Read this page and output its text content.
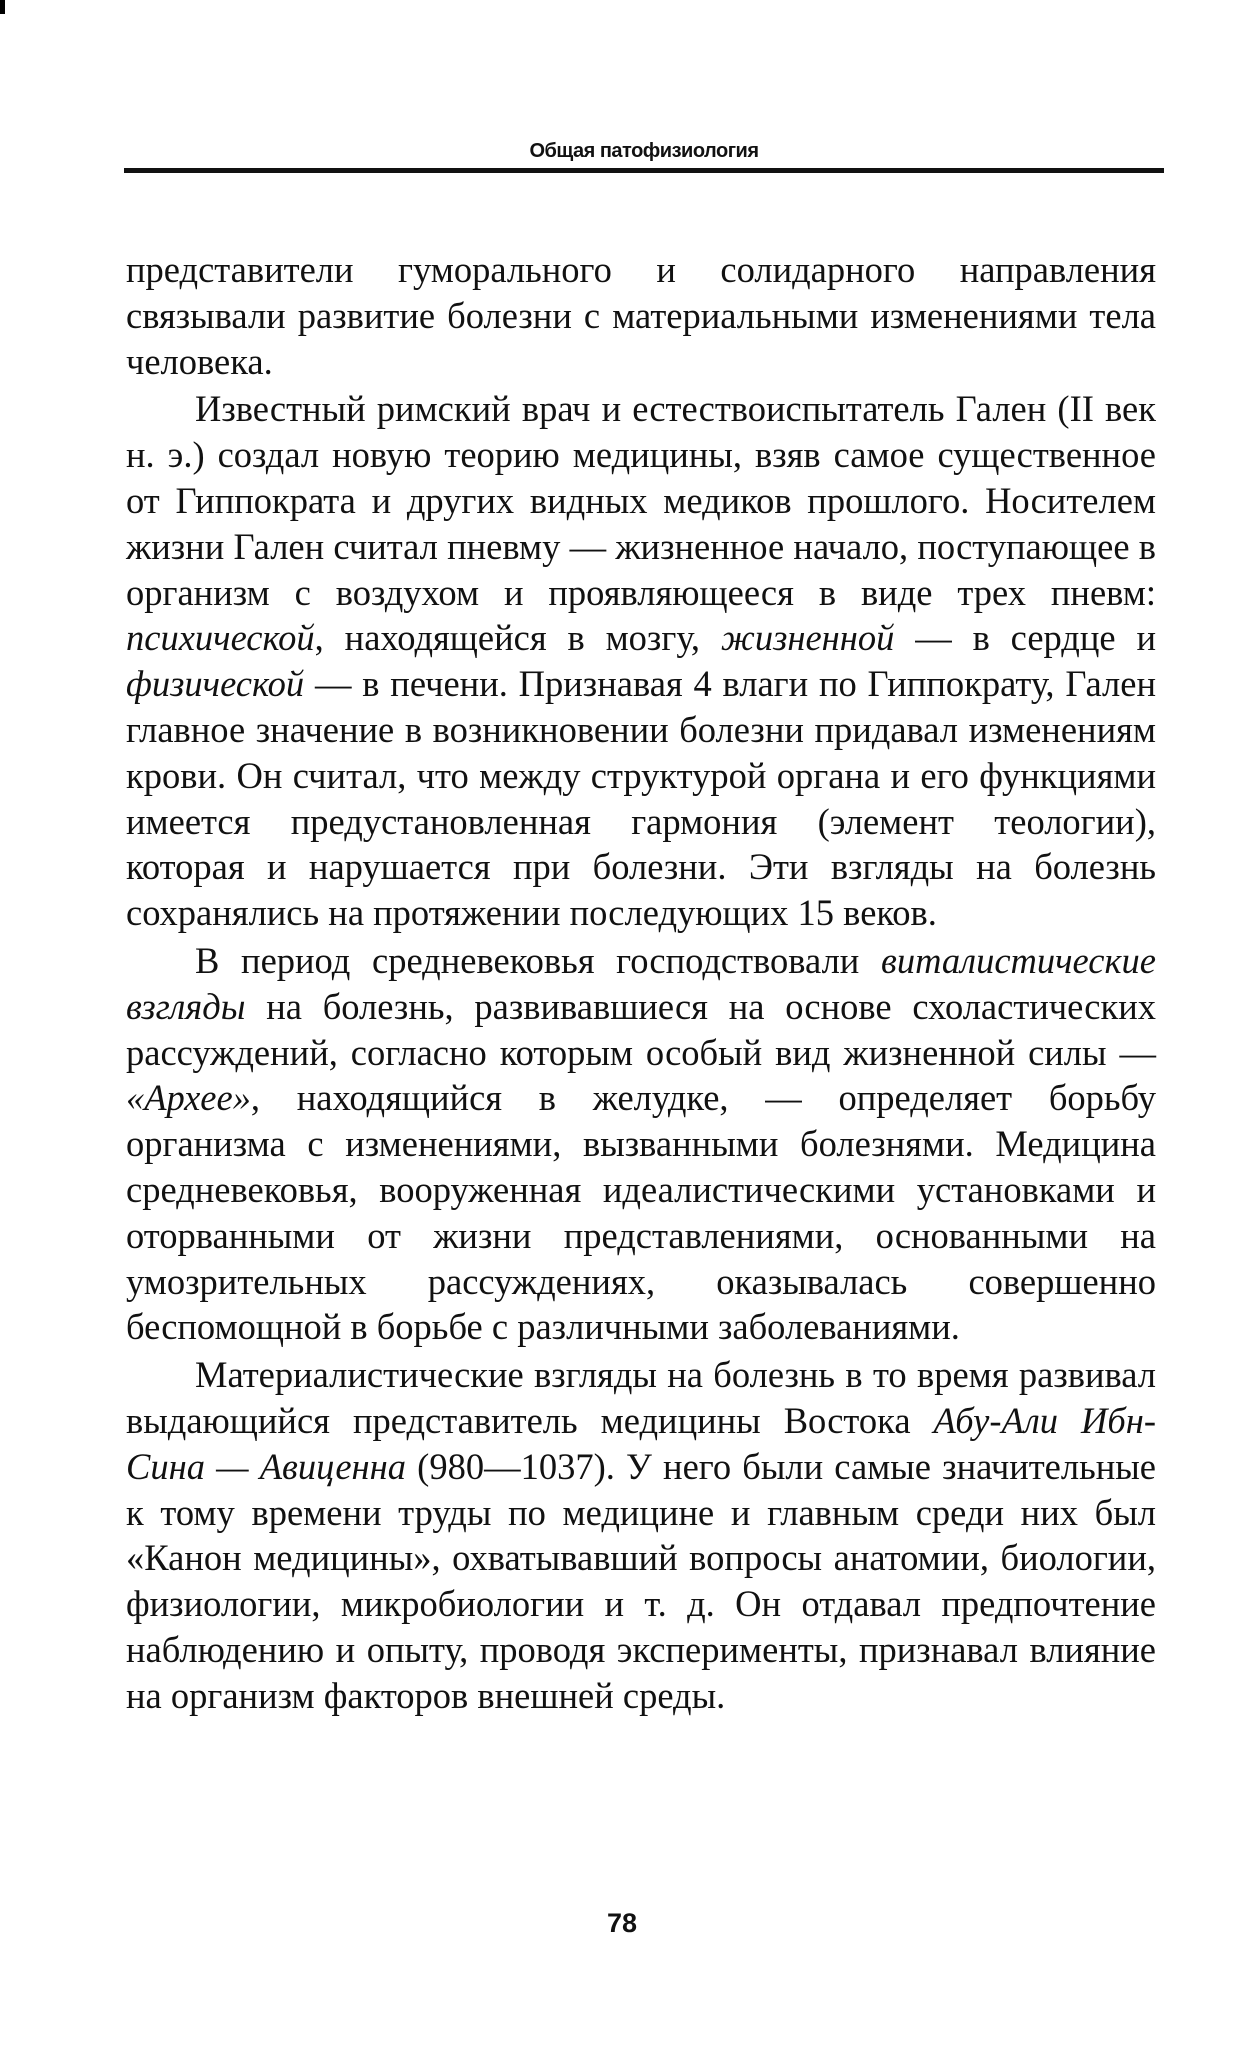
Общая патофизиология

представители гуморального и солидарного направления связывали развитие болезни с материальными изменениями тела человека.

Известный римский врач и естествоиспытатель Гален (II век н. э.) создал новую теорию медицины, взяв самое существенное от Гиппократа и других видных медиков прошлого. Носителем жизни Гален считал пневму — жизненное начало, поступающее в организм с воздухом и проявляющееся в виде трех пневм: психической, находящейся в мозгу, жизненной — в сердце и физической — в печени. Признавая 4 влаги по Гиппократу, Гален главное значение в возникновении болезни придавал изменениям крови. Он считал, что между структурой органа и его функциями имеется предустановленная гармония (элемент теологии), которая и нарушается при болезни. Эти взгляды на болезнь сохранялись на протяжении последующих 15 веков.

В период средневековья господствовали виталистические взгляды на болезнь, развивавшиеся на основе схоластических рассуждений, согласно которым особый вид жизненной силы — «Архее», находящийся в желудке, — определяет борьбу организма с изменениями, вызванными болезнями. Медицина средневековья, вооруженная идеалистическими установками и оторванными от жизни представлениями, основанными на умозрительных рассуждениях, оказывалась совершенно беспомощной в борьбе с различными заболеваниями.

Материалистические взгляды на болезнь в то время развивал выдающийся представитель медицины Востока Абу-Али Ибн-Сина — Авиценна (980—1037). У него были самые значительные к тому времени труды по медицине и главным среди них был «Канон медицины», охватывавший вопросы анатомии, биологии, физиологии, микробиологии и т. д. Он отдавал предпочтение наблюдению и опыту, проводя эксперименты, признавал влияние на организм факторов внешней среды.

78
